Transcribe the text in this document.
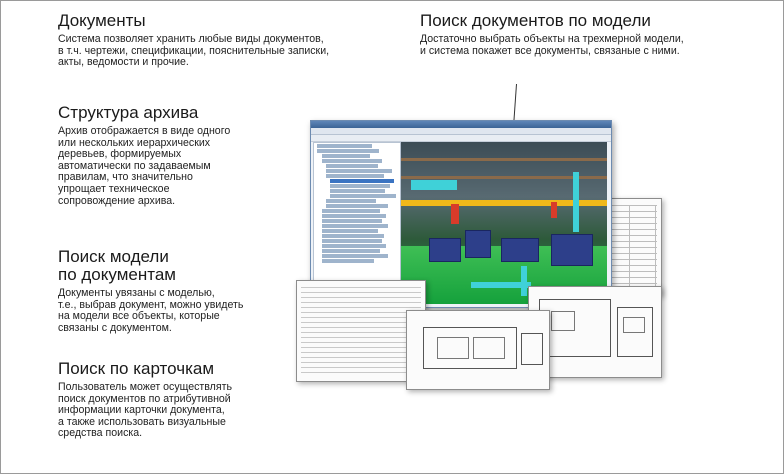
Документы

Система позволяет хранить любые виды документов,
в т.ч. чертежи, спецификации, пояснительные записки,
акты, ведомости и прочие.

Поиск документов по модели

Достаточно выбрать объекты на трехмерной модели,
и система покажет все документы, связаные с ними.

Структура архива

Архив отображается в виде одного
или нескольких иерархических
деревьев, формируемых
автоматически по задаваемым
правилам, что значительно
упрощает техническое
сопровождение архива.

Поиск модели
по документам

Документы увязаны с моделью,
т.е., выбрав документ, можно увидеть
на модели все объекты, которые
связаны с документом.

Поиск по карточкам

Пользователь может осуществлять
поиск документов по атрибутивной
информации карточки документа,
а также использовать визуальные
средства поиска.
